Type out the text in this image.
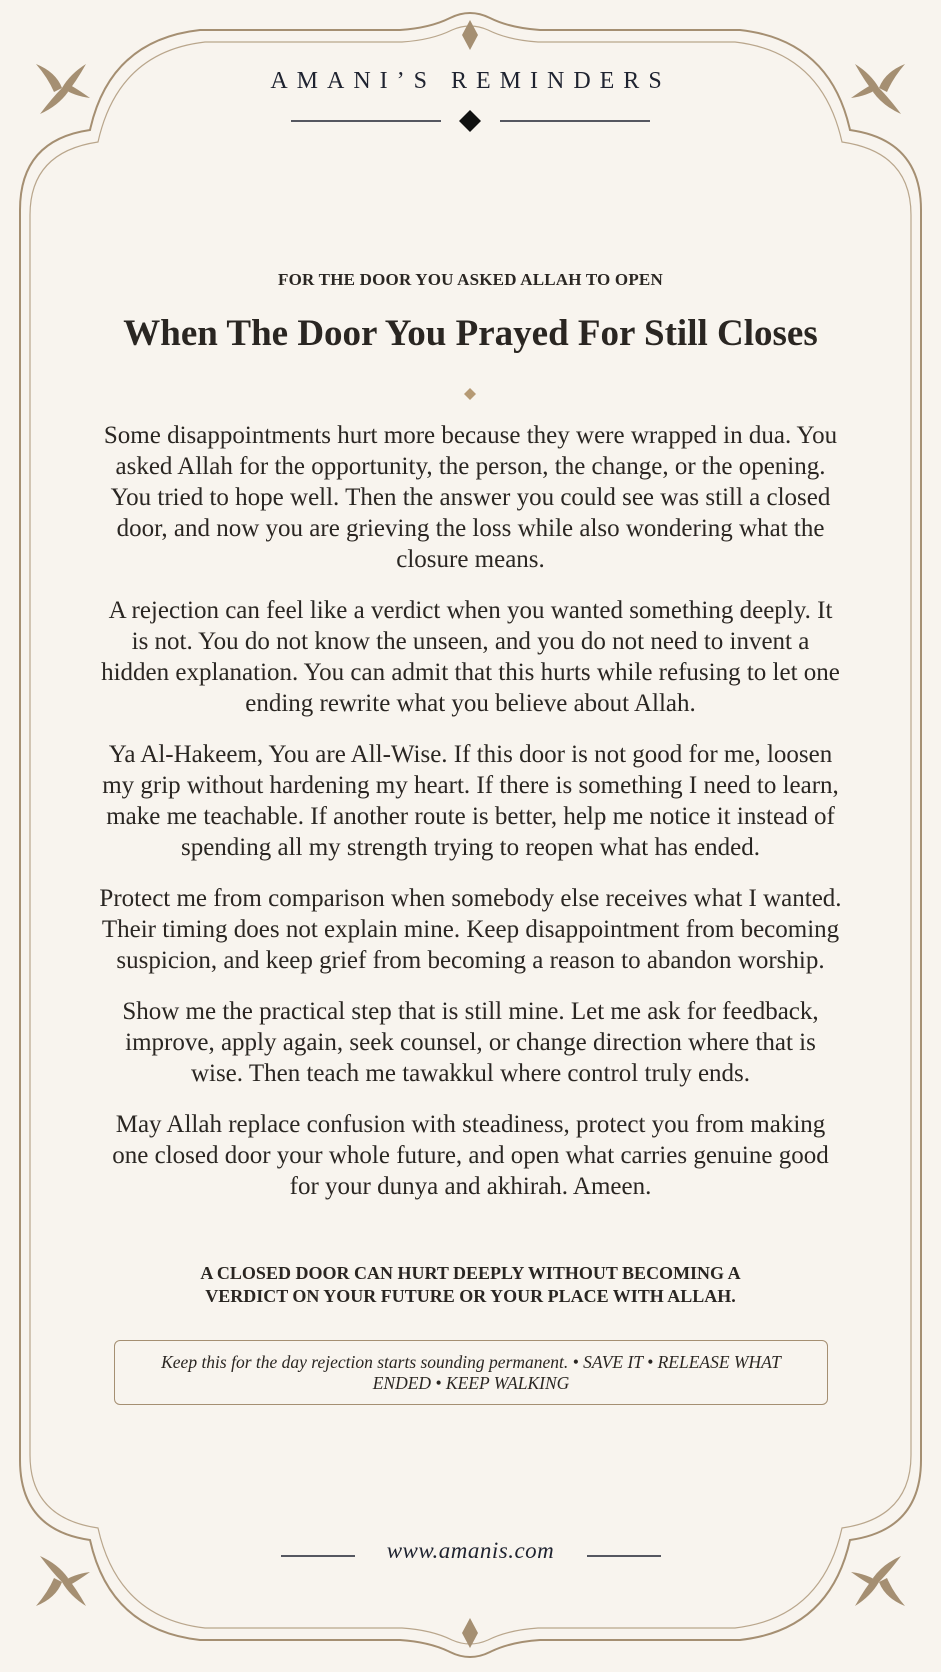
AMANI’S REMINDERS
FOR THE DOOR YOU ASKED ALLAH TO OPEN
When The Door You Prayed For Still Closes

Some disappointments hurt more because they were wrapped in dua. You asked Allah for the opportunity, the person, the change, or the opening. You tried to hope well. Then the answer you could see was still a closed door, and now you are grieving the loss while also wondering what the closure means.

A rejection can feel like a verdict when you wanted something deeply. It is not. You do not know the unseen, and you do not need to invent a hidden explanation. You can admit that this hurts while refusing to let one ending rewrite what you believe about Allah.

Ya Al-Hakeem, You are All-Wise. If this door is not good for me, loosen my grip without hardening my heart. If there is something I need to learn, make me teachable. If another route is better, help me notice it instead of spending all my strength trying to reopen what has ended.

Protect me from comparison when somebody else receives what I wanted. Their timing does not explain mine. Keep disappointment from becoming suspicion, and keep grief from becoming a reason to abandon worship.

Show me the practical step that is still mine. Let me ask for feedback, improve, apply again, seek counsel, or change direction where that is wise. Then teach me tawakkul where control truly ends.

May Allah replace confusion with steadiness, protect you from making one closed door your whole future, and open what carries genuine good for your dunya and akhirah. Ameen.

A CLOSED DOOR CAN HURT DEEPLY WITHOUT BECOMING A VERDICT ON YOUR FUTURE OR YOUR PLACE WITH ALLAH.
Keep this for the day rejection starts sounding permanent. • SAVE IT • RELEASE WHAT ENDED • KEEP WALKING
www.amanis.com
